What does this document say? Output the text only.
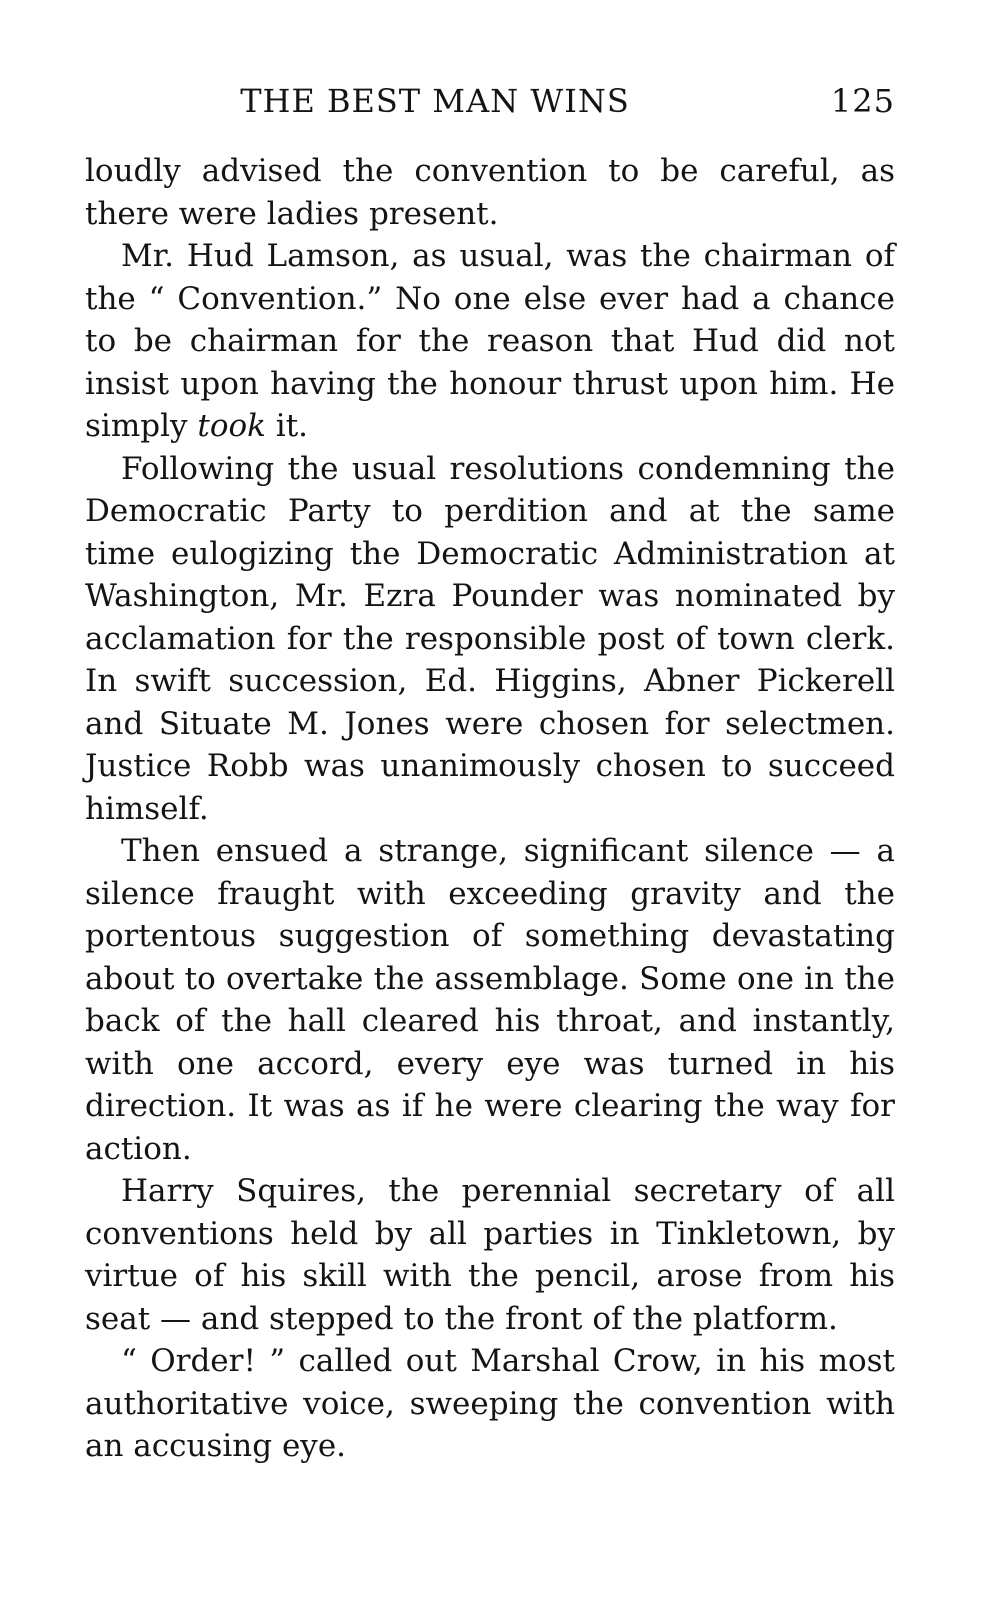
THE BEST MAN WINS	125

loudly advised the convention to be careful, as there were ladies present.

Mr. Hud Lamson, as usual, was the chairman of the “ Convention.” No one else ever had a chance to be chairman for the reason that Hud did not insist upon having the honour thrust upon him. He simply took it.

Following the usual resolutions condemning the Democratic Party to perdition and at the same time eulogizing the Democratic Administration at Washington, Mr. Ezra Pounder was nominated by acclamation for the responsible post of town clerk. In swift succession, Ed. Higgins, Abner Pickerell and Situate M. Jones were chosen for selectmen. Justice Robb was unanimously chosen to succeed himself.

Then ensued a strange, significant silence — a silence fraught with exceeding gravity and the portentous suggestion of something devastating about to overtake the assemblage. Some one in the back of the hall cleared his throat, and instantly, with one accord, every eye was turned in his direction. It was as if he were clearing the way for action.

Harry Squires, the perennial secretary of all conventions held by all parties in Tinkletown, by virtue of his skill with the pencil, arose from his seat — and stepped to the front of the platform.

“ Order! ” called out Marshal Crow, in his most authoritative voice, sweeping the convention with an accusing eye.
